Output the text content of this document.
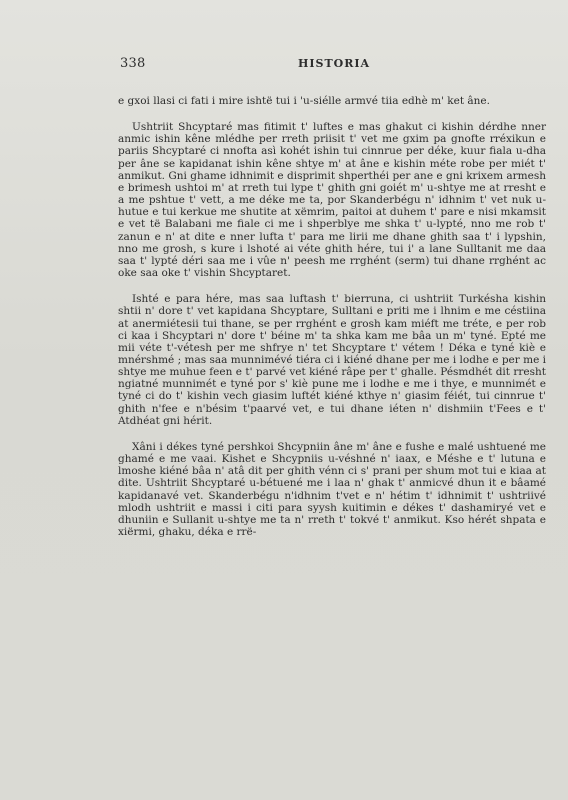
338	HISTORIA

e gxoi llasi ci fati i mire ishtë tui i 'u-siélle armvé tiia edhè m' ket âne.

Ushtriit Shcyptaré mas fitimit t' luftes e mas ghakut ci kishin dérdhe nner anmic ishin kêne mlédhe per rreth priisit t' vet me gxim pa gnofte rréxikun e pariis Shcyptaré ci nnofta asì kohét ishin tui cinnrue per déke, kuur fiala u-dha per âne se kapidanat ishin kêne shtye m' at âne e kishin méte robe per miét t' anmikut. Gni ghame idhnimit e disprimit shperthéi per ane e gni krixem armesh e brimesh ushtoi m' at rreth tui lype t' ghith gni goiét m' u-shtye me at rresht e a me pshtue t' vett, a me déke me ta, por Skanderbégu n' idhnim t' vet nuk u-hutue e tui kerkue me shutite at xëmrim, paitoi at duhem t' pare e nisi mkamsit e vet të Balabani me fiale ci me i shperblye me shka t' u-lypté, nno me rob t' zanun e n' at dite e nner lufta t' para me lirii me dhane ghith saa t' i lypshin, nno me grosh, s kure i lshoté ai véte ghith hére, tui i' a lane Sulltanit me daa saa t' lypté déri saa me i vûe n' peesh me rrghént (serm) tui dhane rrghént ac oke saa oke t' vishin Shcyptaret.

Ishté e para hére, mas saa luftash t' bierruna, ci ushtriit Turkésha kishin shtii n' dore t' vet kapidana Shcyptare, Sulltani e priti me i lhnim e me céstiina at anermiétesii tui thane, se per rrghént e grosh kam miéft me tréte, e per rob ci kaa i Shcyptari n' dore t' béine m' ta shka kam me bâa un m' tyné. Epté me mii véte t'-vétesh per me shfrye n' tet Shcyptare t' vétem ! Déka e tyné kiè e mnérshmé ; mas saa munnimévé tiéra ci i kiéné dhane per me i lodhe e per me i shtye me muhue feen e t' parvé vet kiéné râpe per t' ghalle. Pésmdhét dit rresht ngiatné munnimét e tyné por s' kiè pune me i lodhe e me i thye, e munnimét e tyné ci do t' kishin vech giasim luftét kiéné kthye n' giasim féiét, tui cinnrue t' ghith n'fee e n'bésim t'paarvé vet, e tui dhane iéten n' dishmiin t'Fees e t' Atdhéat gni hérit.

Xâni i dékes tyné pershkoi Shcypniin âne m' âne e fushe e malé ushtuené me ghamé e me vaai. Kishet e Shcypniis u-véshné n' iaax, e Méshe e t' lutuna e lmoshe kiéné bâa n' atâ dit per ghith vénn ci s' prani per shum mot tui e kiaa at dite. Ushtriit Shcyptaré u-bétuené me i laa n' ghak t' anmicvé dhun it e bâamé kapidanavé vet. Skanderbégu n'idhnim t'vet e n' hétim t' idhnimit t' ushtriivé mlodh ushtriit e massi i citi para syysh kuitimin e dékes t' dashamiryé vet e dhuniin e Sullanit u-shtye me ta n' rreth t' tokvé t' anmikut. Kso hérét shpata e xiërmi, ghaku, déka e rrë-
